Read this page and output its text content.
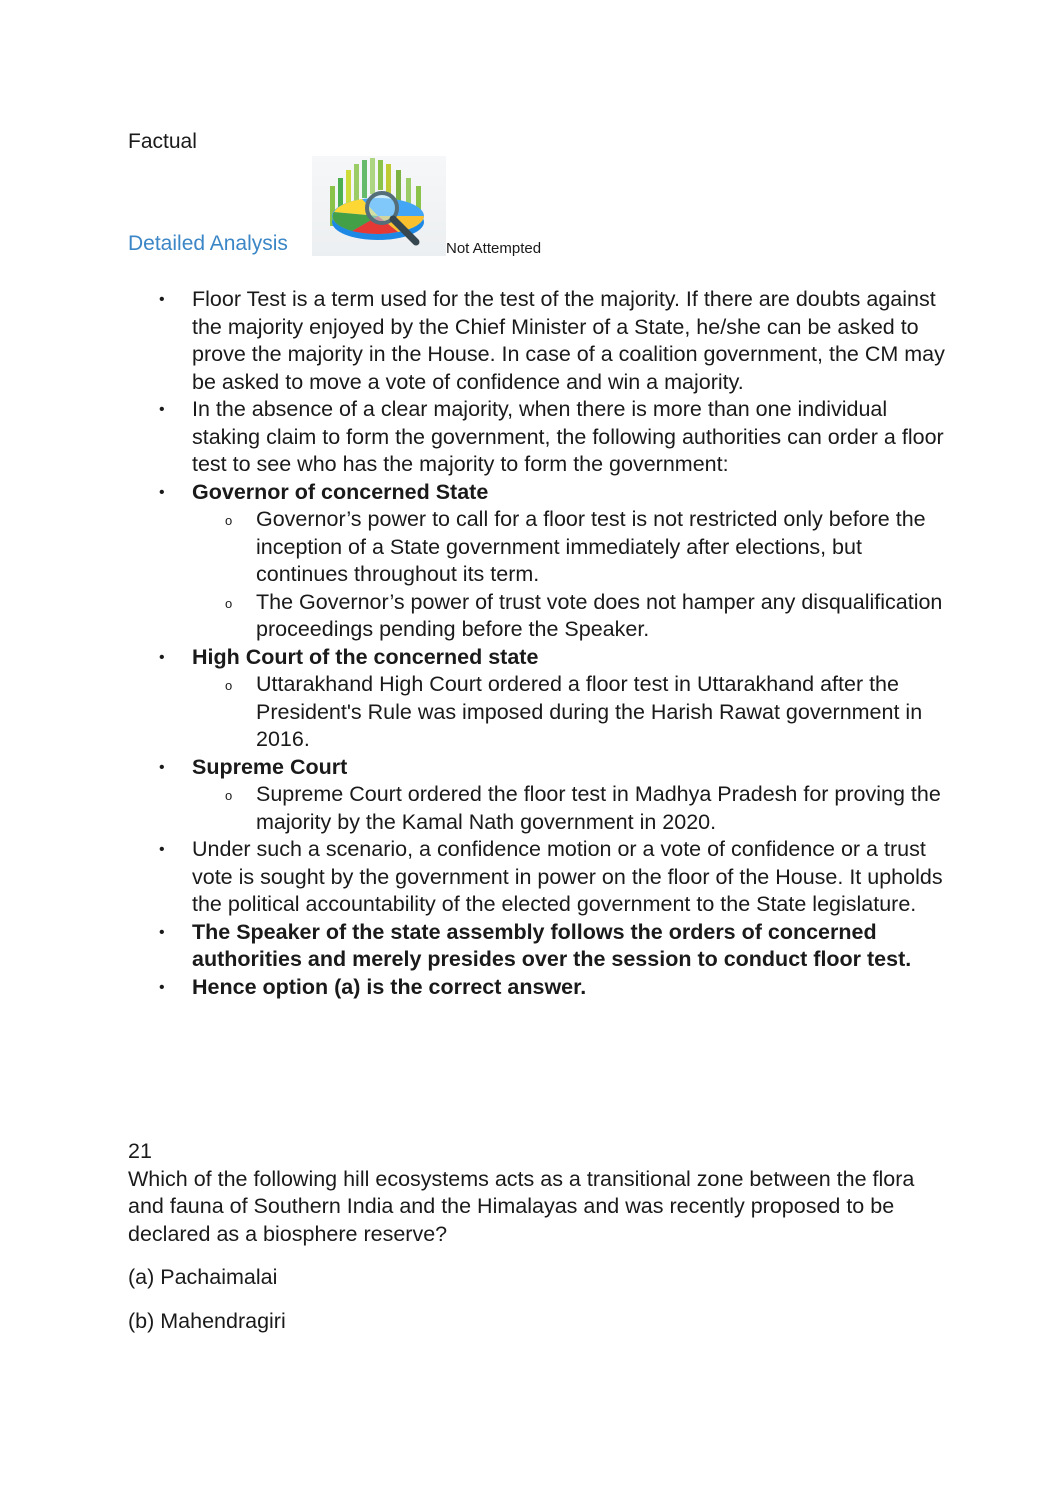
Factual
Detailed Analysis	Not Attempted
• Floor Test is a term used for the test of the majority. If there are doubts against the majority enjoyed by the Chief Minister of a State, he/she can be asked to prove the majority in the House. In case of a coalition government, the CM may be asked to move a vote of confidence and win a majority.
• In the absence of a clear majority, when there is more than one individual staking claim to form the government, the following authorities can order a floor test to see who has the majority to form the government:
• Governor of concerned State
o Governor’s power to call for a floor test is not restricted only before the inception of a State government immediately after elections, but continues throughout its term.
o The Governor’s power of trust vote does not hamper any disqualification proceedings pending before the Speaker.
• High Court of the concerned state
o Uttarakhand High Court ordered a floor test in Uttarakhand after the President's Rule was imposed during the Harish Rawat government in 2016.
• Supreme Court
o Supreme Court ordered the floor test in Madhya Pradesh for proving the majority by the Kamal Nath government in 2020.
• Under such a scenario, a confidence motion or a vote of confidence or a trust vote is sought by the government in power on the floor of the House. It upholds the political accountability of the elected government to the State legislature.
• The Speaker of the state assembly follows the orders of concerned authorities and merely presides over the session to conduct floor test.
• Hence option (a) is the correct answer.
21
Which of the following hill ecosystems acts as a transitional zone between the flora and fauna of Southern India and the Himalayas and was recently proposed to be declared as a biosphere reserve?
(a) Pachaimalai
(b) Mahendragiri
